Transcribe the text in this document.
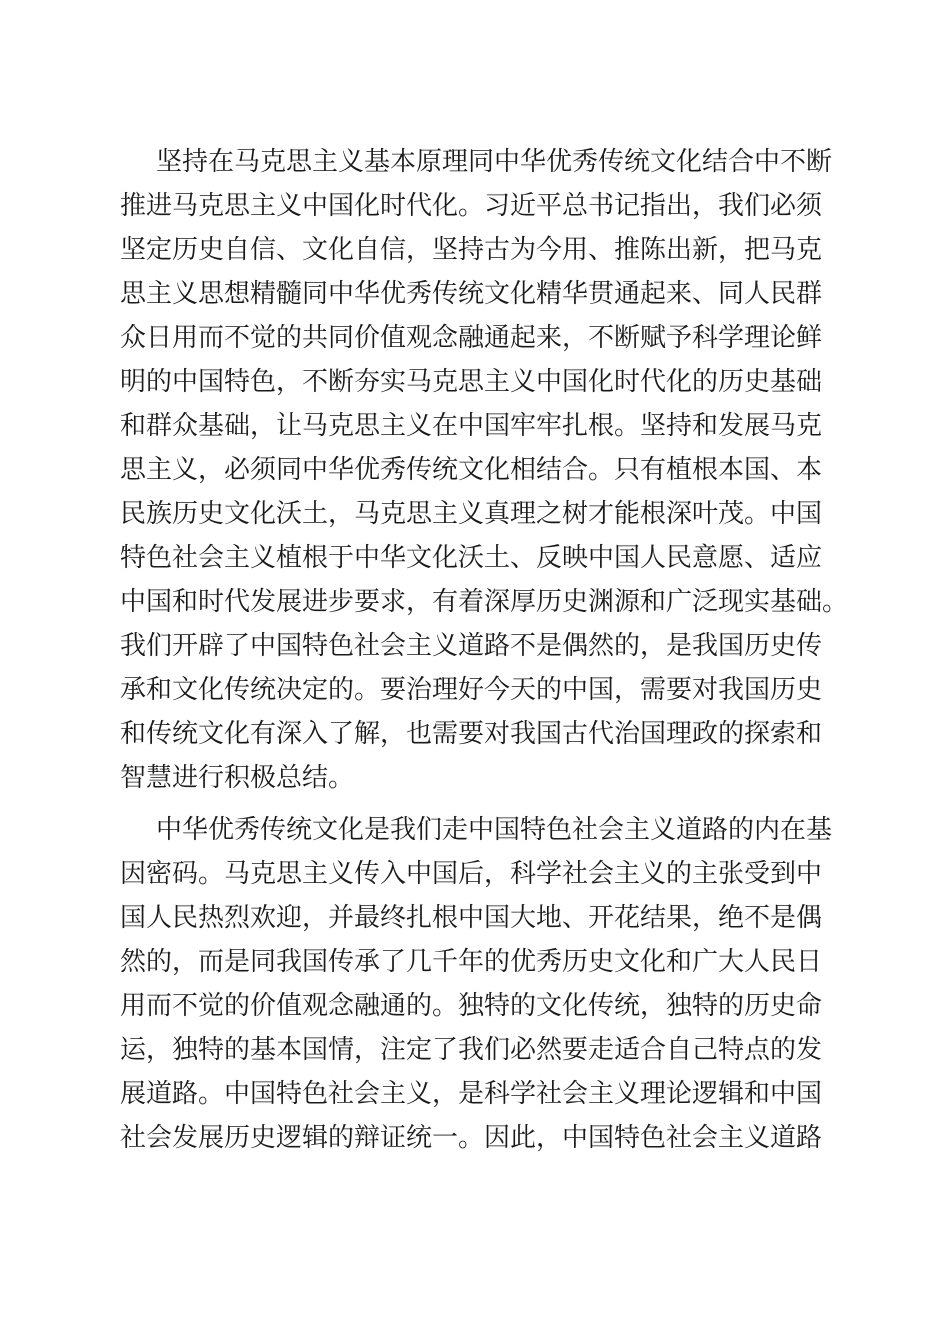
坚持在马克思主义基本原理同中华优秀传统文化结合中不断
推进马克思主义中国化时代化。习近平总书记指出，我们必须
坚定历史自信、文化自信，坚持古为今用、推陈出新，把马克
思主义思想精髓同中华优秀传统文化精华贯通起来、同人民群
众日用而不觉的共同价值观念融通起来，不断赋予科学理论鲜
明的中国特色，不断夯实马克思主义中国化时代化的历史基础
和群众基础，让马克思主义在中国牢牢扎根。坚持和发展马克
思主义，必须同中华优秀传统文化相结合。只有植根本国、本
民族历史文化沃土，马克思主义真理之树才能根深叶茂。中国
特色社会主义植根于中华文化沃土、反映中国人民意愿、适应
中国和时代发展进步要求，有着深厚历史渊源和广泛现实基础。
我们开辟了中国特色社会主义道路不是偶然的，是我国历史传
承和文化传统决定的。要治理好今天的中国，需要对我国历史
和传统文化有深入了解，也需要对我国古代治国理政的探索和
智慧进行积极总结。
中华优秀传统文化是我们走中国特色社会主义道路的内在基
因密码。马克思主义传入中国后，科学社会主义的主张受到中
国人民热烈欢迎，并最终扎根中国大地、开花结果，绝不是偶
然的，而是同我国传承了几千年的优秀历史文化和广大人民日
用而不觉的价值观念融通的。独特的文化传统，独特的历史命
运，独特的基本国情，注定了我们必然要走适合自己特点的发
展道路。中国特色社会主义，是科学社会主义理论逻辑和中国
社会发展历史逻辑的辩证统一。因此，中国特色社会主义道路
